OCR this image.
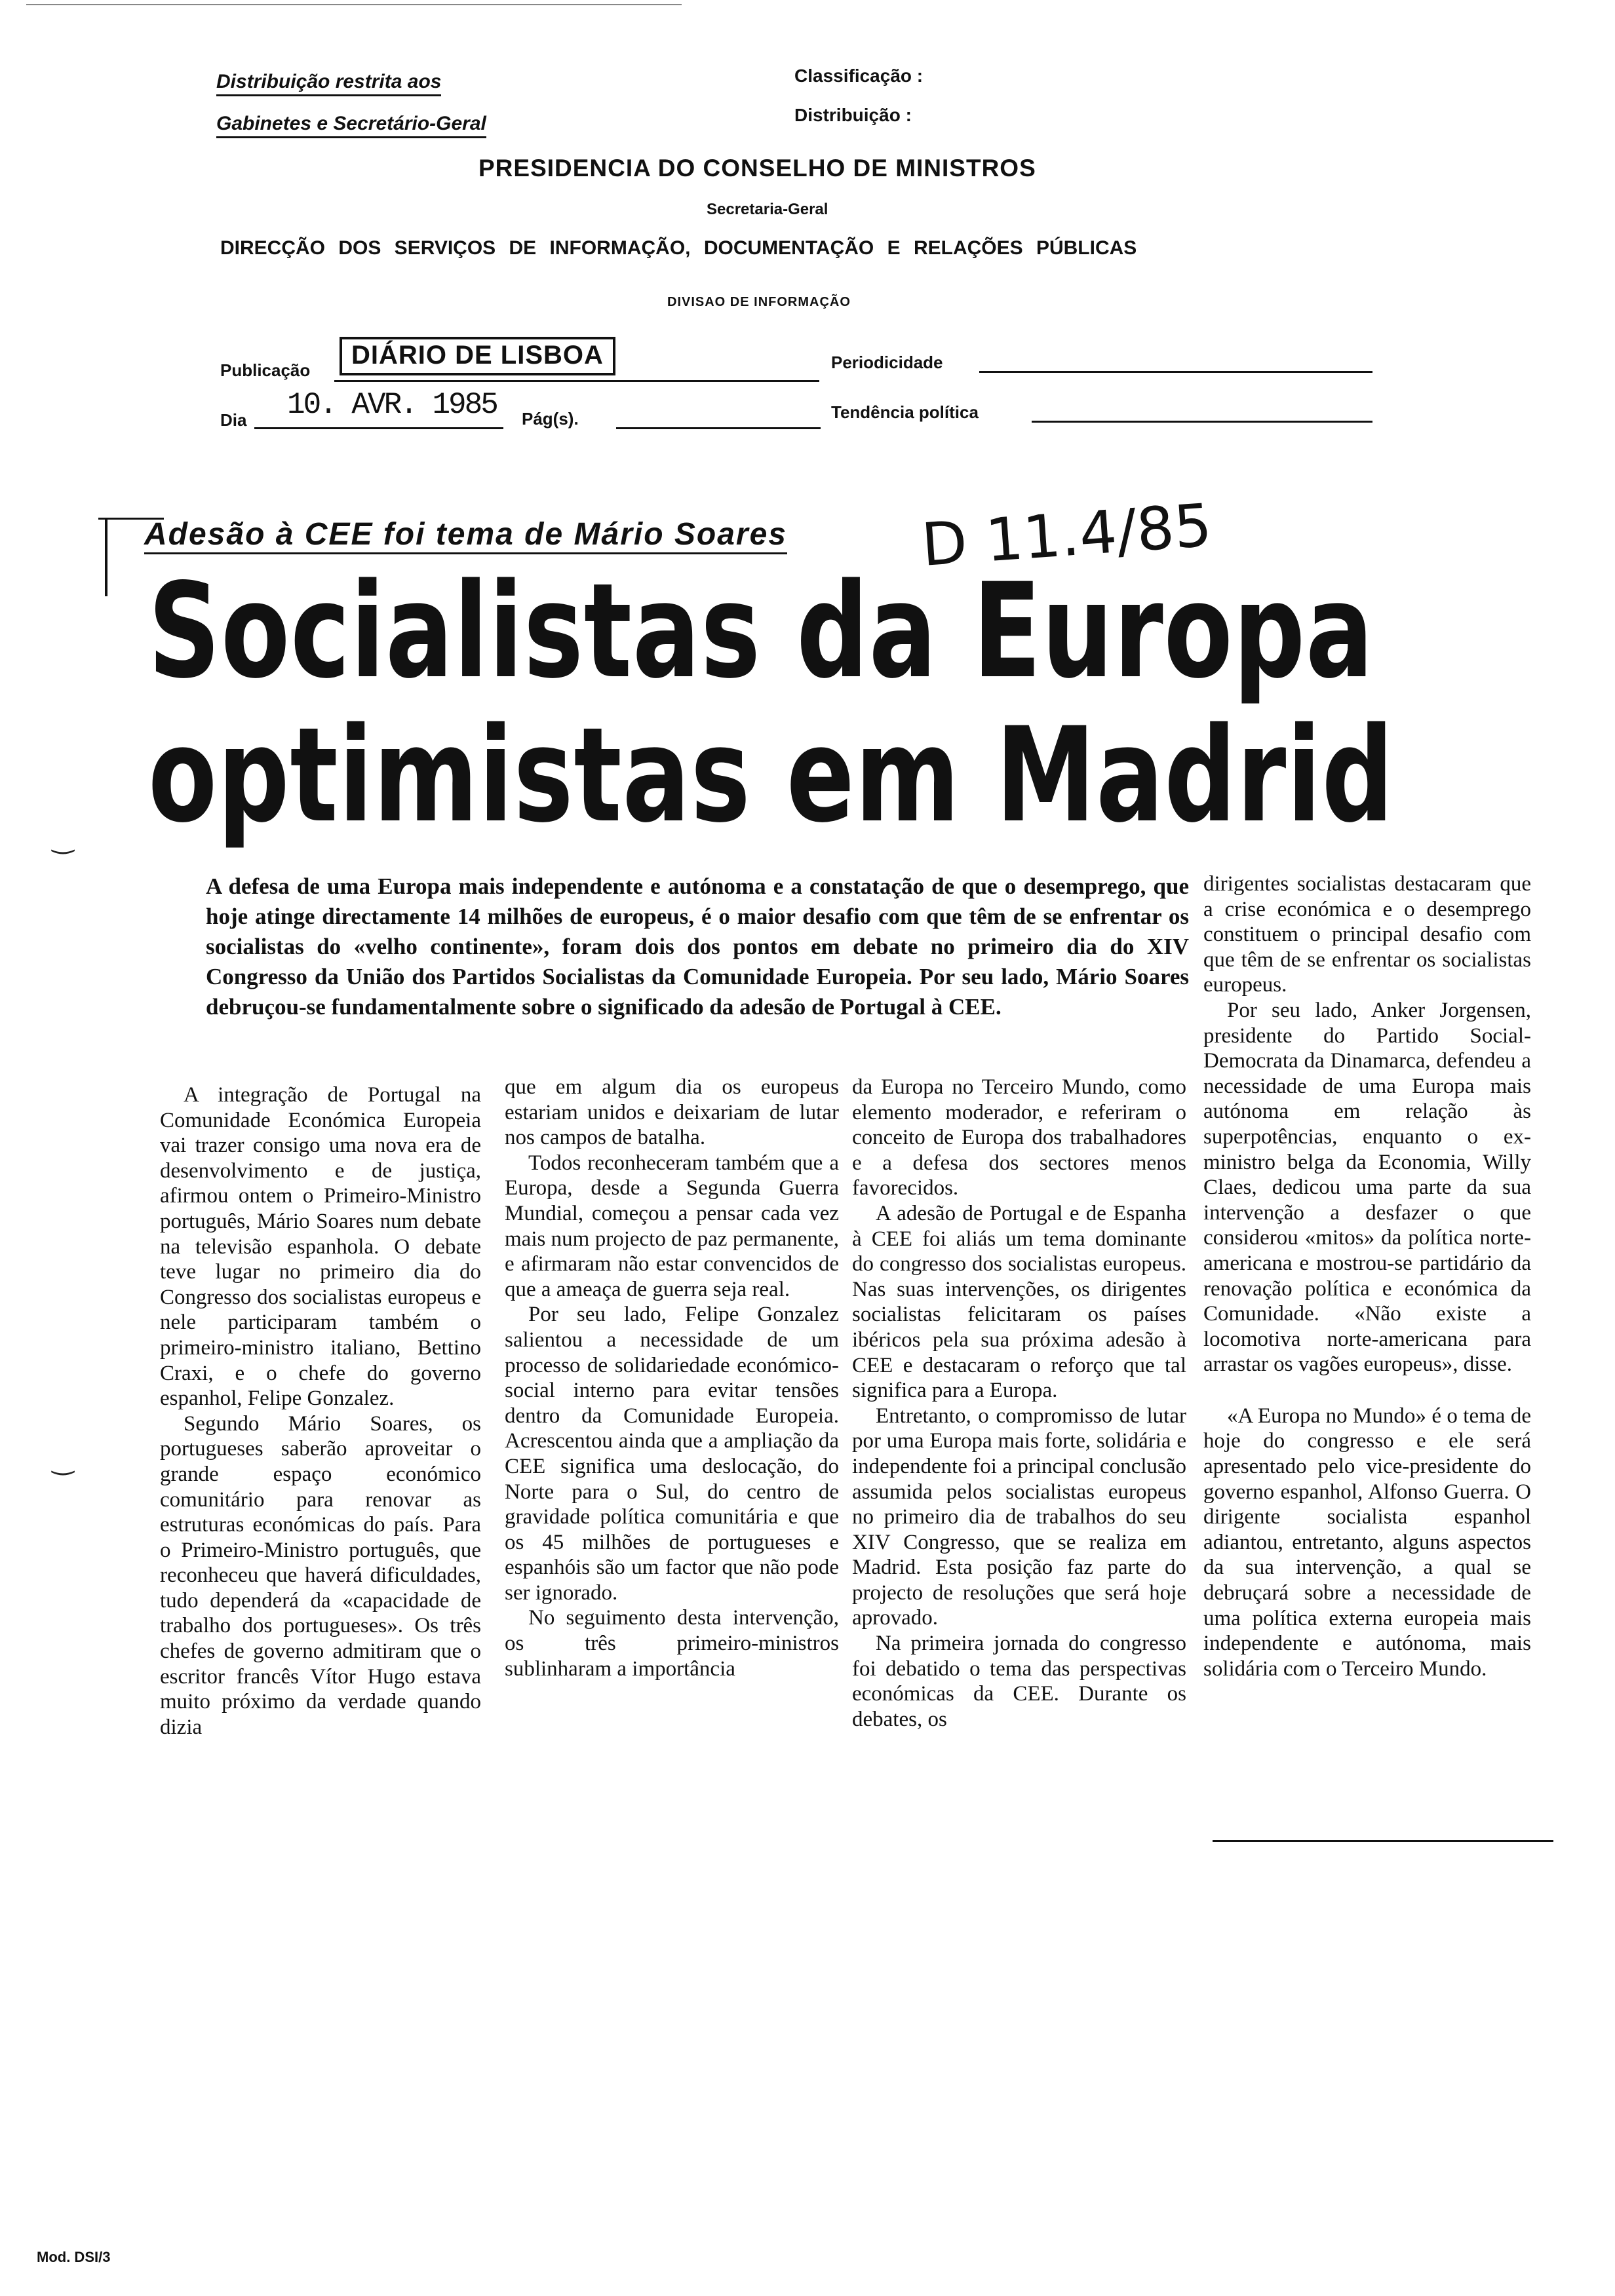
Distribuição restrita aos
Gabinetes e Secretário-Geral
Classificação :
Distribuição :
PRESIDENCIA DO CONSELHO DE MINISTROS
Secretaria-Geral
DIRECÇÃO DOS SERVIÇOS DE INFORMAÇÃO, DOCUMENTAÇÃO E RELAÇÕES PÚBLICAS
DIVISAO DE INFORMAÇÃO
Publicação
DIÁRIO DE LISBOA	Periodicidade
Dia 10. AVR. 1985 Pág(s).	Tendência política
Adesão à CEE foi tema de Mário Soares D 11.4/85
Socialistas da Europa
optimistas em Madrid
A defesa de uma Europa mais independente e autónoma e a constatação de que o desemprego, que hoje atinge directamente 14 milhões de europeus, é o maior desafio com que têm de se enfrentar os socialistas do «velho continente», foram dois dos pontos em debate no primeiro dia do XIV Congresso da União dos Partidos Socialistas da Comunidade Europeia. Por seu lado, Mário Soares debruçou-se fundamentalmente sobre o significado da adesão de Portugal à CEE.

A integração de Portugal na Comunidade Económica Europeia vai trazer consigo uma nova era de desenvolvimento e de justiça, afirmou ontem o Primeiro-Ministro português, Mário Soares num debate na televisão espanhola. O debate teve lugar no primeiro dia do Congresso dos socialistas europeus e nele participaram também o primeiro-ministro italiano, Bettino Craxi, e o chefe do governo espanhol, Felipe Gonzalez.

Segundo Mário Soares, os portugueses saberão aproveitar o grande espaço económico comunitário para renovar as estruturas económicas do país. Para o Primeiro-Ministro português, que reconheceu que haverá dificuldades, tudo dependerá da «capacidade de trabalho dos portugueses». Os três chefes de governo admitiram que o escritor francês Vítor Hugo estava muito próximo da verdade quando dizia

que em algum dia os europeus estariam unidos e deixariam de lutar nos campos de batalha.

Todos reconheceram também que a Europa, desde a Segunda Guerra Mundial, começou a pensar cada vez mais num projecto de paz permanente, e afirmaram não estar convencidos de que a ameaça de guerra seja real.

Por seu lado, Felipe Gonzalez salientou a necessidade de um processo de solidariedade económico-social interno para evitar tensões dentro da Comunidade Europeia. Acrescentou ainda que a ampliação da CEE significa uma deslocação, do Norte para o Sul, do centro de gravidade política comunitária e que os 45 milhões de portugueses e espanhóis são um factor que não pode ser ignorado.

No seguimento desta intervenção, os três primeiro-ministros sublinharam a importância

da Europa no Terceiro Mundo, como elemento moderador, e referiram o conceito de Europa dos trabalhadores e a defesa dos sectores menos favorecidos.

A adesão de Portugal e de Espanha à CEE foi aliás um tema dominante do congresso dos socialistas europeus. Nas suas intervenções, os dirigentes socialistas felicitaram os países ibéricos pela sua próxima adesão à CEE e destacaram o reforço que tal significa para a Europa.

Entretanto, o compromisso de lutar por uma Europa mais forte, solidária e independente foi a principal conclusão assumida pelos socialistas europeus no primeiro dia de trabalhos do seu XIV Congresso, que se realiza em Madrid. Esta posição faz parte do projecto de resoluções que será hoje aprovado.

Na primeira jornada do congresso foi debatido o tema das perspectivas económicas da CEE. Durante os debates, os

dirigentes socialistas destacaram que a crise económica e o desemprego constituem o principal desafio com que têm de se enfrentar os socialistas europeus.

Por seu lado, Anker Jorgensen, presidente do Partido Social-Democrata da Dinamarca, defendeu a necessidade de uma Europa mais autónoma em relação às superpotências, enquanto o ex-ministro belga da Economia, Willy Claes, dedicou uma parte da sua intervenção a desfazer o que considerou «mitos» da política norte-americana e mostrou-se partidário da renovação política e económica da Comunidade. «Não existe a locomotiva norte-americana para arrastar os vagões europeus», disse.

«A Europa no Mundo» é o tema de hoje do congresso e ele será apresentado pelo vice-presidente do governo espanhol, Alfonso Guerra. O dirigente socialista espanhol adiantou, entretanto, alguns aspectos da sua intervenção, a qual se debruçará sobre a necessidade de uma política externa europeia mais independente e autónoma, mais solidária com o Terceiro Mundo.

‿
‿
Mod. DSI/3
